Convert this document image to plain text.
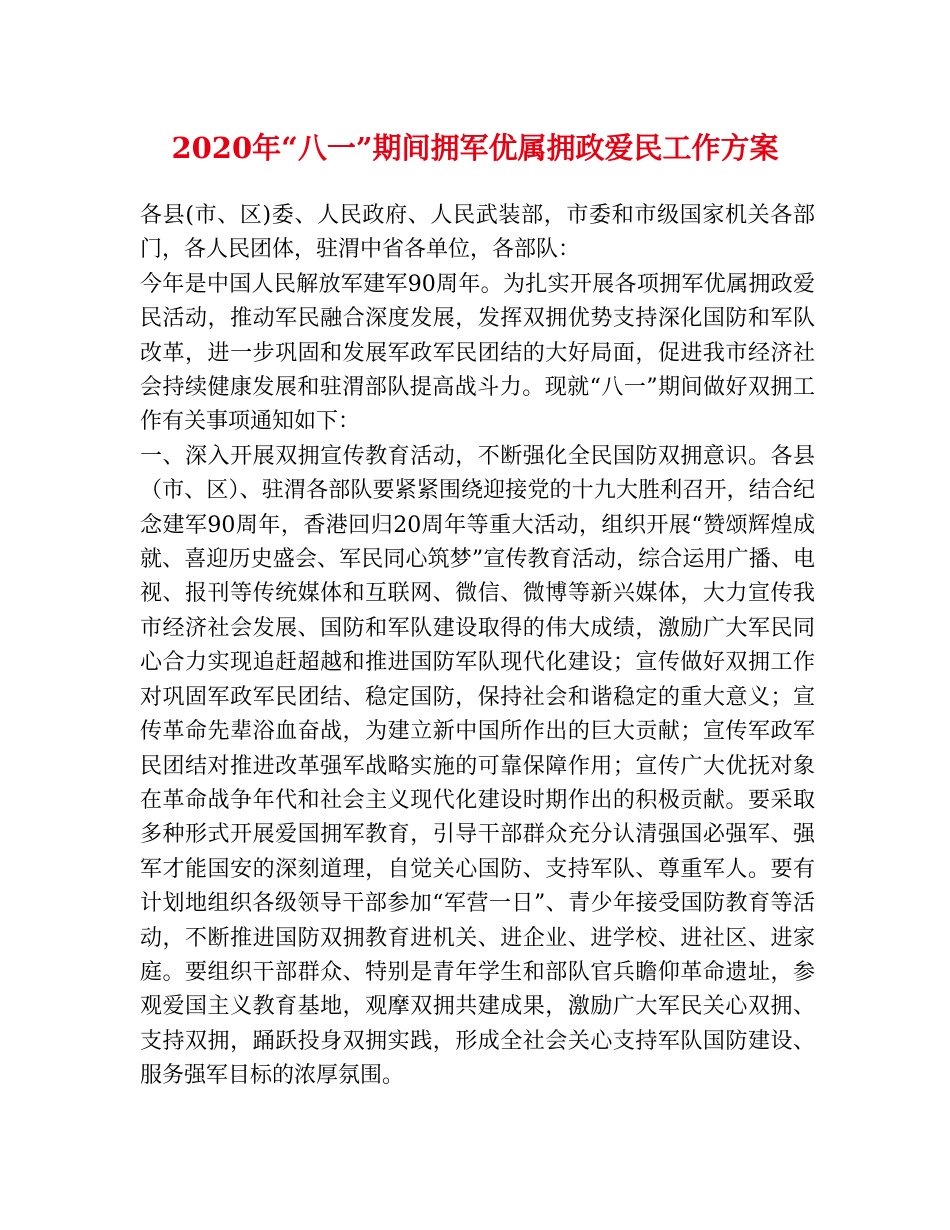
2020年“八一”期间拥军优属拥政爱民工作方案

各县(市、区)委、人民政府、人民武装部，市委和市级国家机关各部门，各人民团体，驻渭中省各单位，各部队：

今年是中国人民解放军建军90周年。为扎实开展各项拥军优属拥政爱民活动，推动军民融合深度发展，发挥双拥优势支持深化国防和军队改革，进一步巩固和发展军政军民团结的大好局面，促进我市经济社会持续健康发展和驻渭部队提高战斗力。现就“八一”期间做好双拥工作有关事项通知如下：

一、深入开展双拥宣传教育活动，不断强化全民国防双拥意识。各县（市、区）、驻渭各部队要紧紧围绕迎接党的十九大胜利召开，结合纪念建军90周年，香港回归20周年等重大活动，组织开展“赞颂辉煌成就、喜迎历史盛会、军民同心筑梦”宣传教育活动，综合运用广播、电视、报刊等传统媒体和互联网、微信、微博等新兴媒体，大力宣传我市经济社会发展、国防和军队建设取得的伟大成绩，激励广大军民同心合力实现追赶超越和推进国防军队现代化建设；宣传做好双拥工作对巩固军政军民团结、稳定国防，保持社会和谐稳定的重大意义；宣传革命先辈浴血奋战，为建立新中国所作出的巨大贡献；宣传军政军民团结对推进改革强军战略实施的可靠保障作用；宣传广大优抚对象在革命战争年代和社会主义现代化建设时期作出的积极贡献。要采取多种形式开展爱国拥军教育，引导干部群众充分认清强国必强军、强军才能国安的深刻道理，自觉关心国防、支持军队、尊重军人。要有计划地组织各级领导干部参加“军营一日”、青少年接受国防教育等活动，不断推进国防双拥教育进机关、进企业、进学校、进社区、进家庭。要组织干部群众、特别是青年学生和部队官兵瞻仰革命遗址，参观爱国主义教育基地，观摩双拥共建成果，激励广大军民关心双拥、支持双拥，踊跃投身双拥实践，形成全社会关心支持军队国防建设、服务强军目标的浓厚氛围。
